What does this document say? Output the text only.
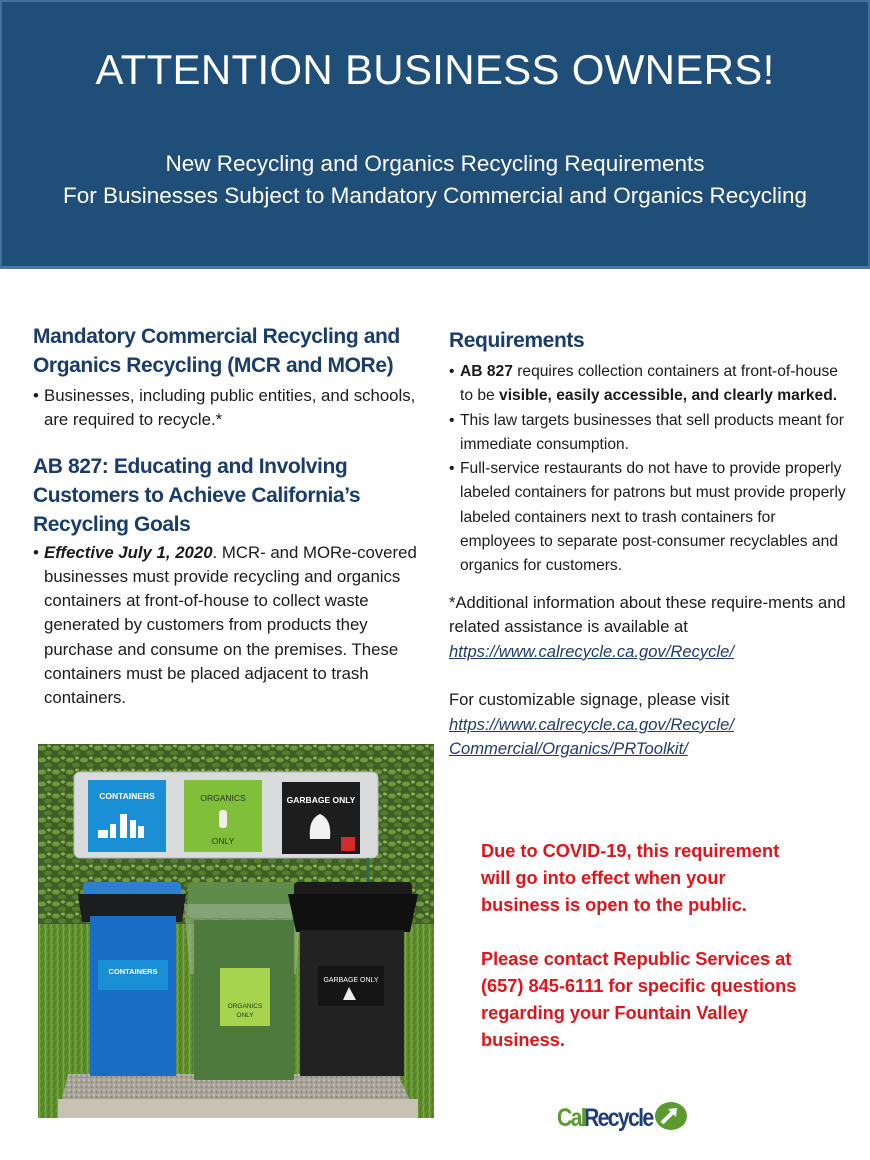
ATTENTION BUSINESS OWNERS!
New Recycling and Organics Recycling Requirements
For Businesses Subject to Mandatory Commercial and Organics Recycling
Mandatory Commercial Recycling and
Organics Recycling (MCR and MORe)
• Businesses, including public entities, and schools, are required to recycle.*
AB 827: Educating and Involving
Customers to Achieve California’s
Recycling Goals
• Effective July 1, 2020. MCR- and MORe-covered businesses must provide recycling and organics containers at front-of-house to collect waste generated by customers from products they purchase and consume on the premises. These containers must be placed adjacent to trash containers.
CONTAINERS	ORGANICS
ONLY
GARBAGE ONLY
CONTAINERS
ORGANICS
ONLY
GARBAGE ONLY
Requirements
• AB 827 requires collection containers at front-of-house to be visible, easily accessible, and clearly marked.
• This law targets businesses that sell products meant for immediate consumption.
• Full-service restaurants do not have to provide properly labeled containers for patrons but must provide properly labeled containers next to trash containers for employees to separate post-consumer recyclables and organics for customers.
*Additional information about these require-ments and related assistance is available at
https://www.calrecycle.ca.gov/Recycle/
For customizable signage, please visit
https://www.calrecycle.ca.gov/Recycle/
Commercial/Organics/PRToolkit/
Due to COVID-19, this requirement
will go into effect when your
business is open to the public.
Please contact Republic Services at
(657) 845-6111 for specific questions
regarding your Fountain Valley
business.
Cal
Recycle
